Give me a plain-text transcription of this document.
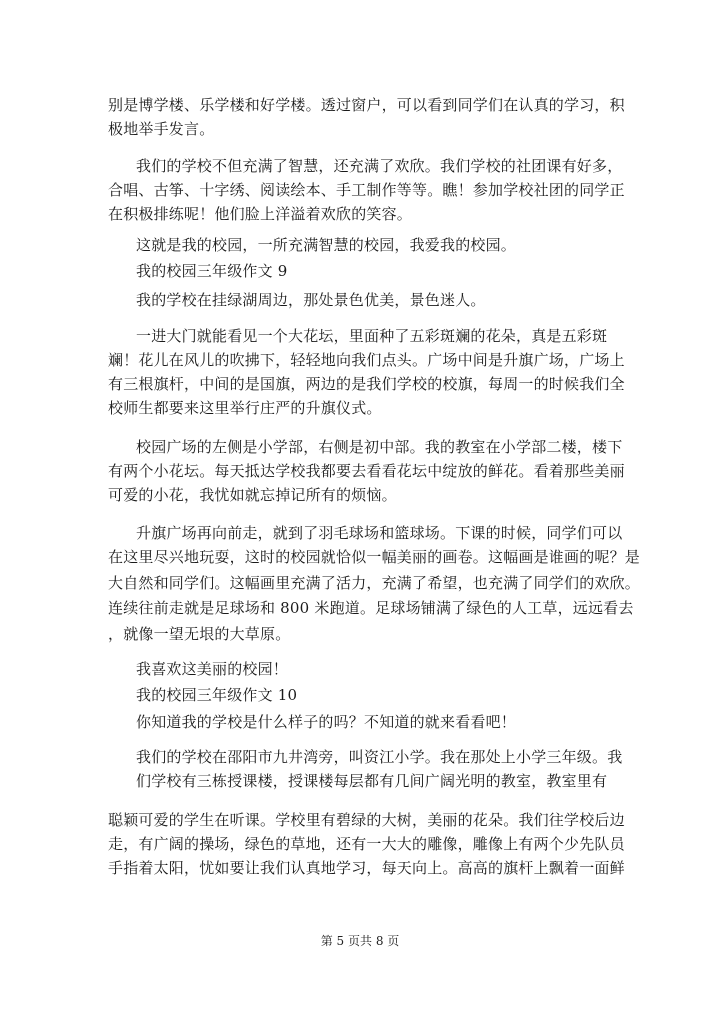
别是博学楼、乐学楼和好学楼。透过窗户，可以看到同学们在认真的学习，积
极地举手发言。
我们的学校不但充满了智慧，还充满了欢欣。我们学校的社团课有好多，
合唱、古筝、十字绣、阅读绘本、手工制作等等。瞧！参加学校社团的同学正
在积极排练呢！他们脸上洋溢着欢欣的笑容。
这就是我的校园，一所充满智慧的校园，我爱我的校园。
我的校园三年级作文 9
我的学校在挂绿湖周边，那处景色优美，景色迷人。
一进大门就能看见一个大花坛，里面种了五彩斑斓的花朵，真是五彩斑
斓！花儿在风儿的吹拂下，轻轻地向我们点头。广场中间是升旗广场，广场上
有三根旗杆，中间的是国旗，两边的是我们学校的校旗，每周一的时候我们全
校师生都要来这里举行庄严的升旗仪式。
校园广场的左侧是小学部，右侧是初中部。我的教室在小学部二楼，楼下
有两个小花坛。每天抵达学校我都要去看看花坛中绽放的鲜花。看着那些美丽
可爱的小花，我忧如就忘掉记所有的烦恼。
升旗广场再向前走，就到了羽毛球场和篮球场。下课的时候，同学们可以
在这里尽兴地玩耍，这时的校园就恰似一幅美丽的画卷。这幅画是谁画的呢？是
大自然和同学们。这幅画里充满了活力，充满了希望，也充满了同学们的欢欣。
连续往前走就是足球场和 800 米跑道。足球场铺满了绿色的人工草，远远看去
，就像一望无垠的大草原。
我喜欢这美丽的校园！
我的校园三年级作文 10
你知道我的学校是什么样子的吗？不知道的就来看看吧！
我们的学校在邵阳市九井湾旁，叫资江小学。我在那处上小学三年级。我
们学校有三栋授课楼，授课楼每层都有几间广阔光明的教室，教室里有
聪颖可爱的学生在听课。学校里有碧绿的大树，美丽的花朵。我们往学校后边
走，有广阔的操场，绿色的草地，还有一大大的雕像，雕像上有两个少先队员
手指着太阳，忧如要让我们认真地学习，每天向上。高高的旗杆上飘着一面鲜
第 5 页共 8 页
